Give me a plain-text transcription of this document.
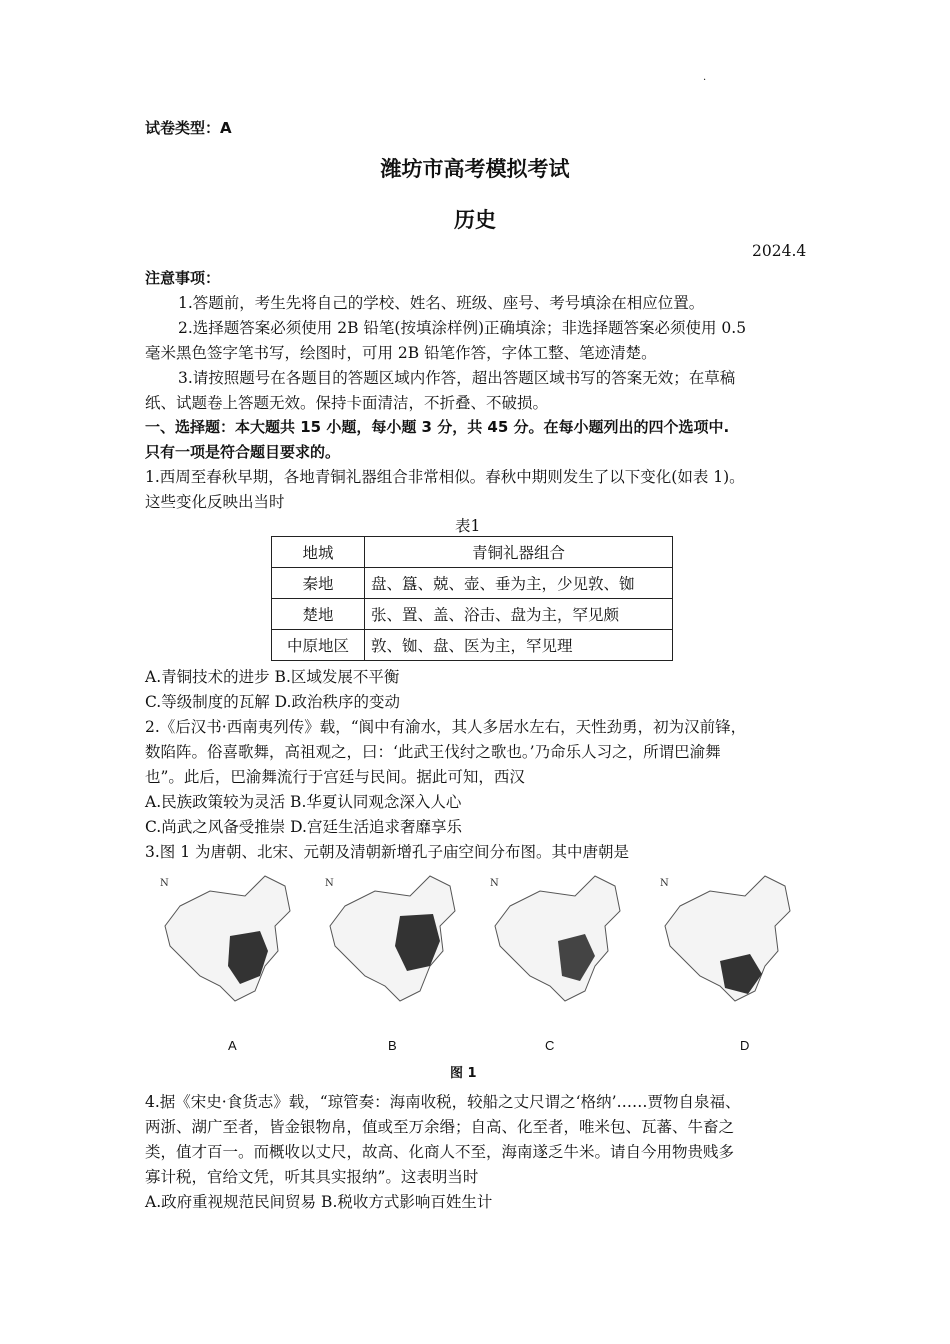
.
试卷类型：A
潍坊市高考模拟考试
历史
2024.4
注意事项：
1.答题前，考生先将自己的学校、姓名、班级、座号、考号填涂在相应位置。
2.选择题答案必须使用 2B 铅笔(按填涂样例)正确填涂；非选择题答案必须使用 0.5
毫米黑色签字笔书写，绘图时，可用 2B 铅笔作答，字体工整、笔迹清楚。
3.请按照题号在各题目的答题区域内作答，超出答题区域书写的答案无效；在草稿
纸、试题卷上答题无效。保持卡面清洁，不折叠、不破损。
一、选择题：本大题共 15 小题，每小题 3 分，共 45 分。在每小题列出的四个选项中.
只有一项是符合题目要求的。
1.西周至春秋早期，各地青铜礼器组合非常相似。春秋中期则发生了以下变化(如表 1)。
这些变化反映出当时
表1
地城	青铜礼器组合
秦地	盘、簋、兢、壶、垂为主，少见敦、铷
楚地	张、置、盖、浴击、盘为主，罕见颇
中原地区	敦、铷、盘、医为主，罕见理
A.青铜技术的进步 B.区域发展不平衡
C.等级制度的瓦解 D.政治秩序的变动
2.《后汉书·西南夷列传》载，“阆中有渝水，其人多居水左右，天性劲勇，初为汉前锋，
数陷阵。俗喜歌舞，高祖观之，曰：‘此武王伐纣之歌也。’乃命乐人习之，所谓巴渝舞
也”。此后，巴渝舞流行于宫廷与民间。据此可知，西汉
A.民族政策较为灵活 B.华夏认同观念深入人心
C.尚武之风备受推崇 D.宫廷生活追求奢靡享乐
3.图 1 为唐朝、北宋、元朝及清朝新增孔子庙空间分布图。其中唐朝是
N	N	N	N
A	B	C	D
图 1
4.据《宋史·食货志》载，“琼管奏：海南收税，较船之丈尺谓之‘格纳’……贾物自泉福、
两浙、湖广至者，皆金银物帛，值或至万余缗；自高、化至者，唯米包、瓦蕃、牛畜之
类，值才百一。而概收以丈尺，故高、化商人不至，海南遂乏牛米。请自今用物贵贱多
寡计税，官给文凭，听其具实报纳”。这表明当时
A.政府重视规范民间贸易 B.税收方式影响百姓生计
